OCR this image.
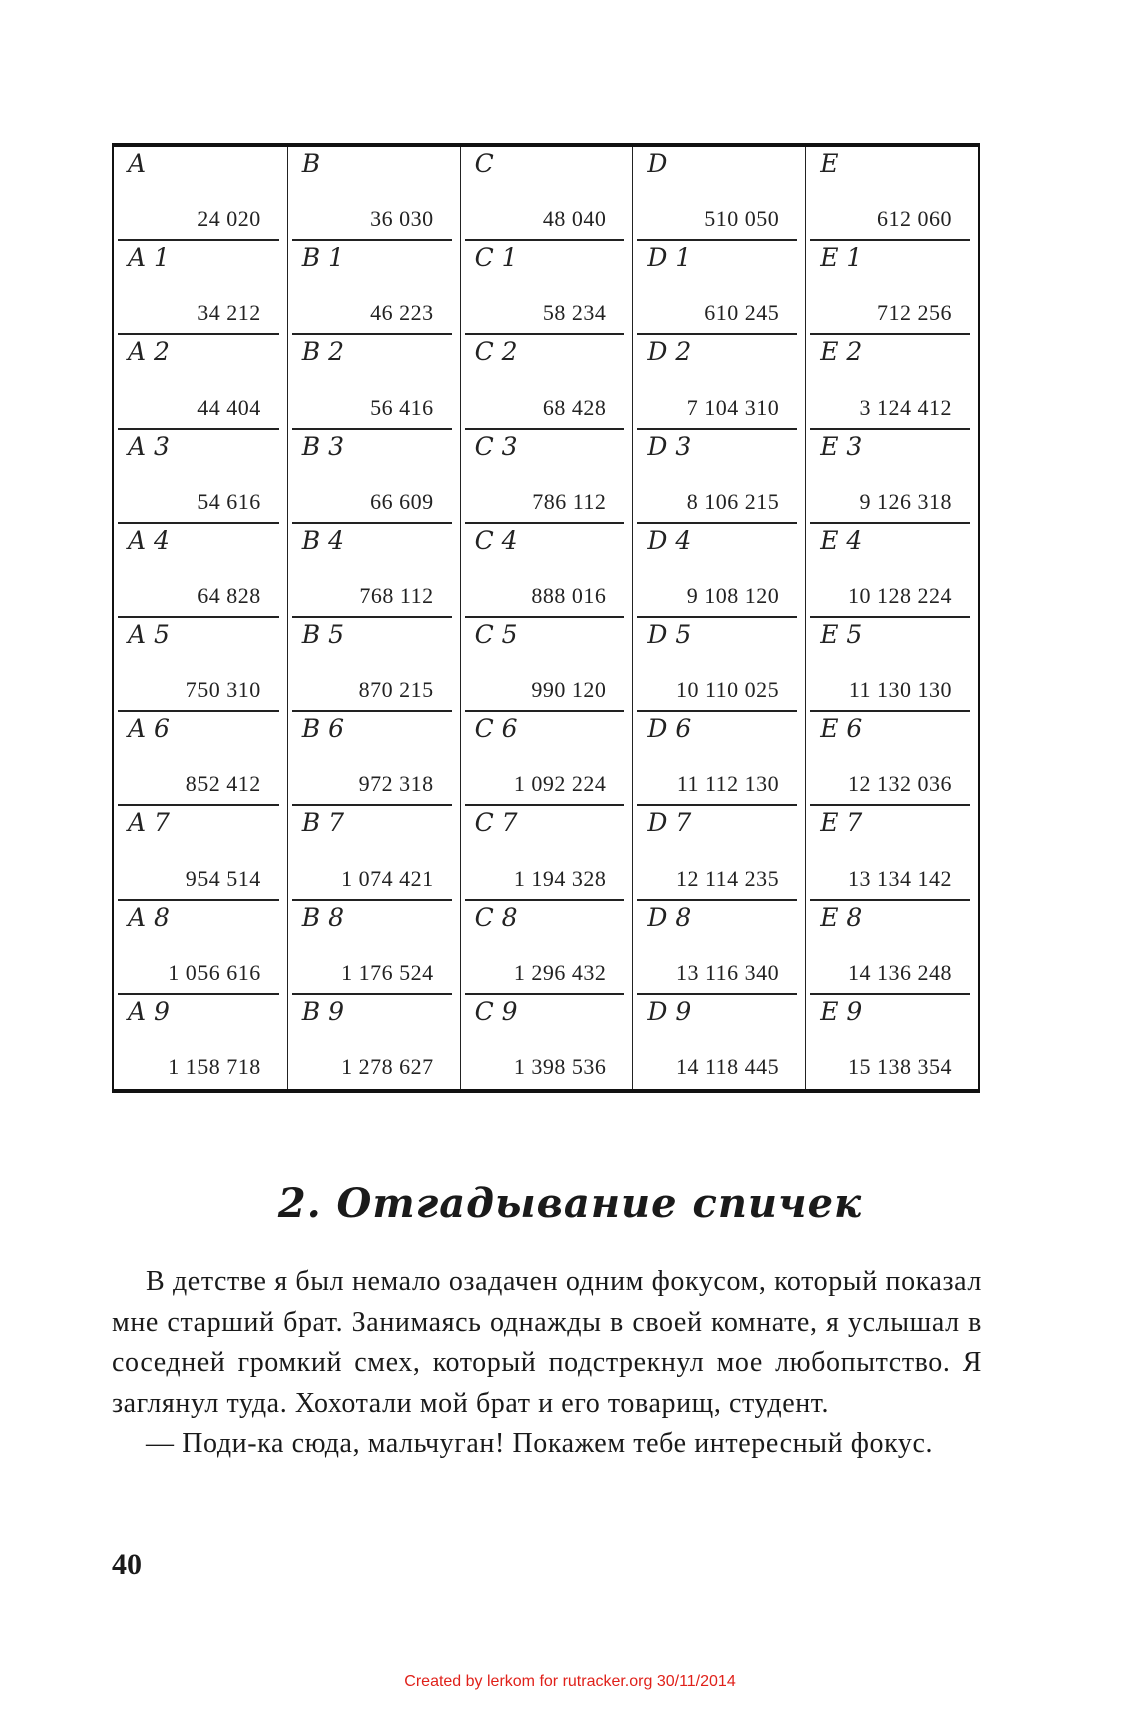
A
24 020
B
36 030
C
48 040
D
510 050
E
612 060
A 1
34 212
B 1
46 223
C 1
58 234
D 1
610 245
E 1
712 256
A 2
44 404
B 2
56 416
C 2
68 428
D 2
7 104 310
E 2
3 124 412
A 3
54 616
B 3
66 609
C 3
786 112
D 3
8 106 215
E 3
9 126 318
A 4
64 828
B 4
768 112
C 4
888 016
D 4
9 108 120
E 4
10 128 224
A 5
750 310
B 5
870 215
C 5
990 120
D 5
10 110 025
E 5
11 130 130
A 6
852 412
B 6
972 318
C 6
1 092 224
D 6
11 112 130
E 6
12 132 036
A 7
954 514
B 7
1 074 421
C 7
1 194 328
D 7
12 114 235
E 7
13 134 142
A 8
1 056 616
B 8
1 176 524
C 8
1 296 432
D 8
13 116 340
E 8
14 136 248
A 9
1 158 718
B 9
1 278 627
C 9
1 398 536
D 9
14 118 445
E 9
15 138 354
2. Отгадывание спичек

В детстве я был немало озадачен одним фокусом, который показал мне старший брат. Занимаясь однажды в своей комнате, я услышал в соседней громкий смех, который подстрекнул мое любопытство. Я заглянул туда. Хохотали мой брат и его товарищ, студент.

— Поди-ка сюда, мальчуган! Покажем тебе интересный фокус.

40
Created by lerkom for rutracker.org 30/11/2014
